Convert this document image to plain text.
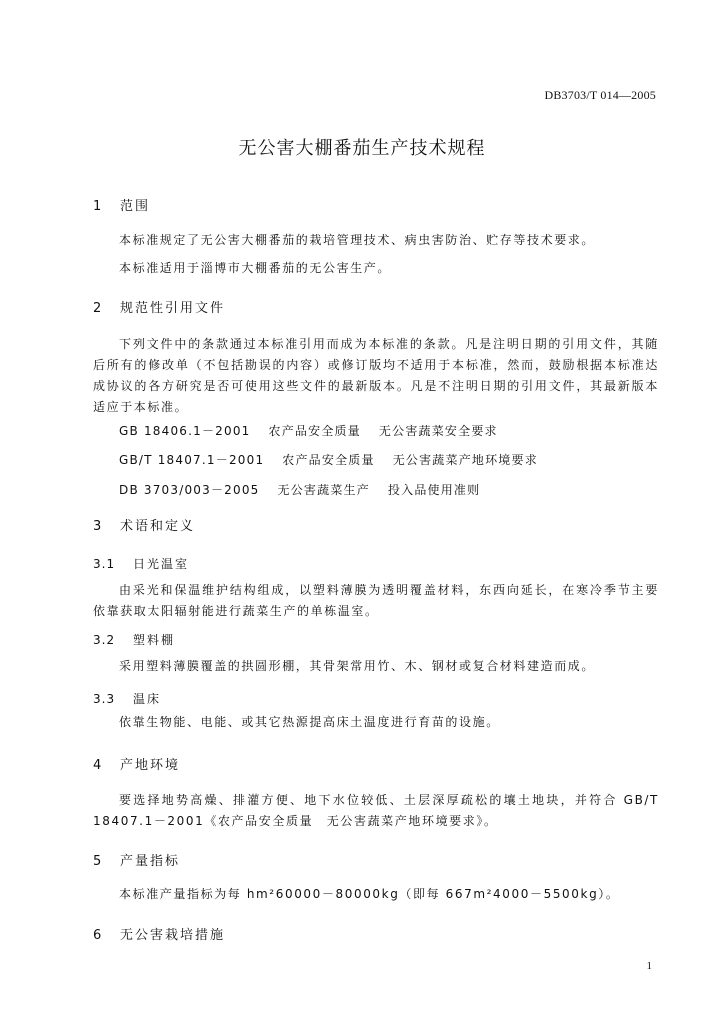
DB3703/T 014—2005
无公害大棚番茄生产技术规程
1 范围
本标准规定了无公害大棚番茄的栽培管理技术、病虫害防治、贮存等技术要求。
本标准适用于淄博市大棚番茄的无公害生产。
2 规范性引用文件
下列文件中的条款通过本标准引用而成为本标准的条款。凡是注明日期的引用文件，其随后所有的修改单（不包括勘误的内容）或修订版均不适用于本标准，然而，鼓励根据本标准达成协议的各方研究是否可使用这些文件的最新版本。凡是不注明日期的引用文件，其最新版本适应于本标准。
GB 18406.1－2001 农产品安全质量 无公害蔬菜安全要求
GB/T 18407.1－2001 农产品安全质量 无公害蔬菜产地环境要求
DB 3703/003－2005 无公害蔬菜生产 投入品使用准则
3 术语和定义
3.1 日光温室
由采光和保温维护结构组成，以塑料薄膜为透明覆盖材料，东西向延长，在寒冷季节主要依靠获取太阳辐射能进行蔬菜生产的单栋温室。
3.2 塑料棚
采用塑料薄膜覆盖的拱圆形棚，其骨架常用竹、木、钢材或复合材料建造而成。
3.3 温床
依靠生物能、电能、或其它热源提高床土温度进行育苗的设施。
4 产地环境
要选择地势高燥、排灌方便、地下水位较低、土层深厚疏松的壤土地块，并符合 GB/T 18407.1－2001《农产品安全质量　无公害蔬菜产地环境要求》。
5 产量指标
本标准产量指标为每 hm²60000－80000kg（即每 667m²4000－5500kg）。
6 无公害栽培措施
1
